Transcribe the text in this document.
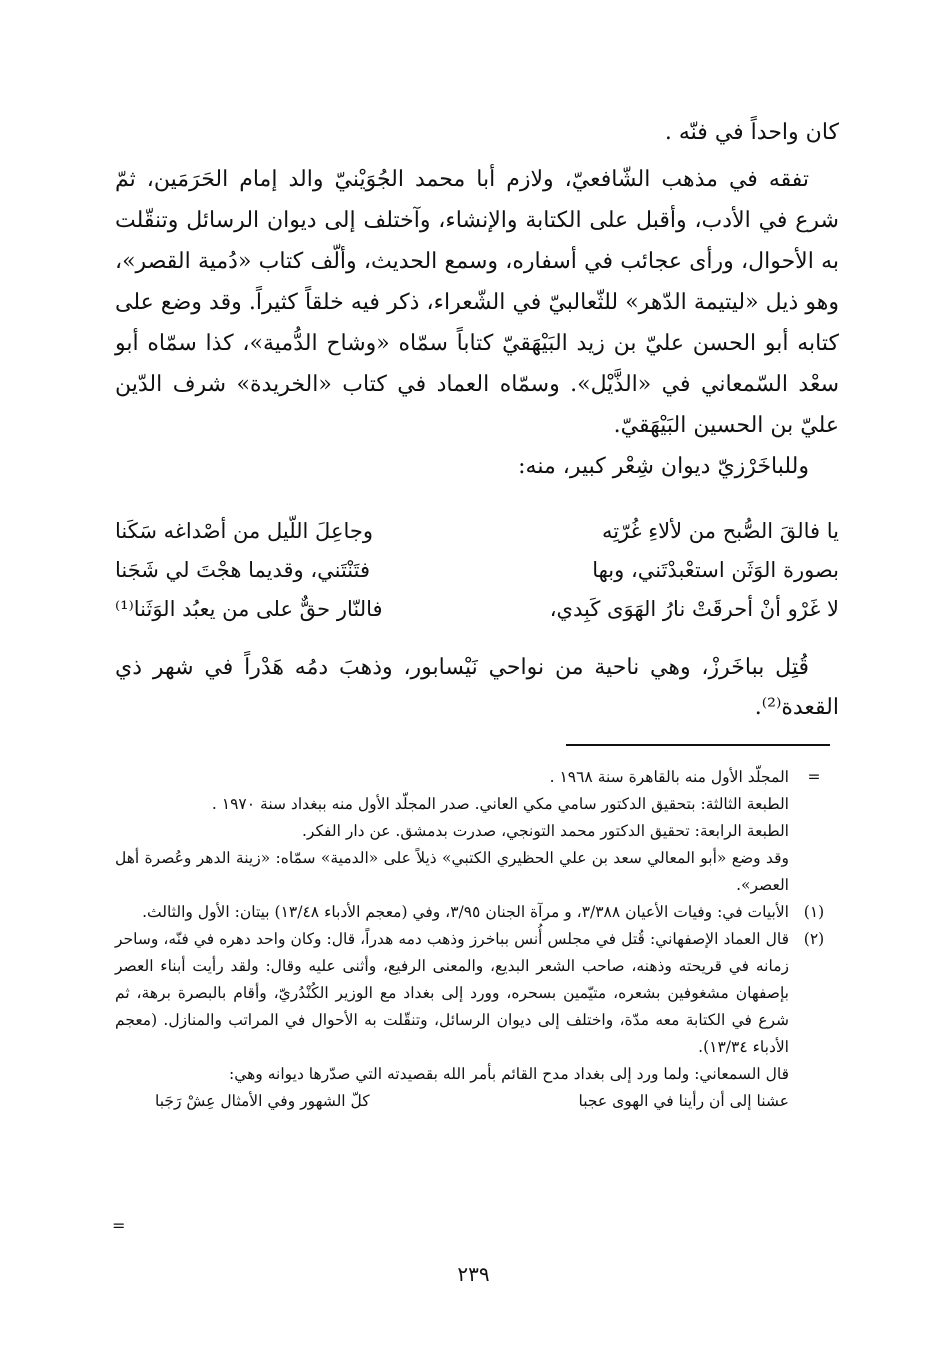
كان واحداً في فنّه .

تفقه في مذهب الشّافعيّ، ولازم أبا محمد الجُوَيْنيّ والد إمام الحَرَمَين، ثمّ شرع في الأدب، وأقبل على الكتابة والإنشاء، وآختلف إلى ديوان الرسائل وتنقّلت به الأحوال، ورأى عجائب في أسفاره، وسمع الحديث، وألّف كتاب «دُمية القصر»، وهو ذيل «ليتيمة الدّهر» للثّعالبيّ في الشّعراء، ذكر فيه خلقاً كثيراً. وقد وضع على كتابه أبو الحسن عليّ بن زيد البَيْهَقيّ كتاباً سمّاه «وشاح الدُّمية»، كذا سمّاه أبو سعْد السّمعاني في «الذَّيْل». وسمّاه العماد في كتاب «الخريدة» شرف الدّين عليّ بن الحسين البَيْهَقيّ.

وللباخَرْزيّ ديوان شِعْر كبير، منه:

يا فالقَ الصُّبح من لألاءِ غُرّتِه
وجاعِلَ اللّيل من أصْداغه سَكَنا
بصورة الوَثَن استعْبدْتَني، وبها
فتَنْتَني، وقديما هجْتَ لي شَجَنا
لا غَرْو أنْ أحرقَتْ نارُ الهَوَى كَبِدي،
فالنّار حقٌّ على من يعبُد الوَثَنا⁽¹⁾

قُتِل بباخَرزْ، وهي ناحية من نواحي نَيْسابور، وذهبَ دمُه هَدْراً في شهر ذي القعدة⁽²⁾.

=

المجلّد الأول منه بالقاهرة سنة ١٩٦٨ .

الطبعة الثالثة: بتحقيق الدكتور سامي مكي العاني. صدر المجلّد الأول منه ببغداد سنة ١٩٧٠ .

الطبعة الرابعة: تحقيق الدكتور محمد التونجي، صدرت بدمشق. عن دار الفكر.

وقد وضع «أبو المعالي سعد بن علي الحظيري الكتبي» ذيلاً على «الدمية» سمّاه: «زينة الدهر وعُصرة أهل العصر».

(١)

الأبيات في: وفيات الأعيان ٣/٣٨٨، و مرآة الجنان ٣/٩٥، وفي (معجم الأدباء ١٣/٤٨) بيتان: الأول والثالث.

(٢)

قال العماد الإصفهاني: قُتل في مجلس أُنس بباخرز وذهب دمه هدراً، قال: وكان واحد دهره في فنّه، وساحر زمانه في قريحته وذهنه، صاحب الشعر البديع، والمعنى الرفيع، وأثنى عليه وقال: ولقد رأيت أبناء العصر بإصفهان مشغوفين بشعره، متيّمين بسحره، وورد إلى بغداد مع الوزير الكُنْدُريّ، وأقام بالبصرة برهة، ثم شرع في الكتابة معه مدّة، واختلف إلى ديوان الرسائل، وتنقّلت به الأحوال في المراتب والمنازل. (معجم الأدباء ١٣/٣٤).

قال السمعاني: ولما ورد إلى بغداد مدح القائم بأمر الله بقصيدته التي صدّرها ديوانه وهي:

عشنا إلى أن رأينا في الهوى عجبا
كلّ الشهور وفي الأمثال عِشْ رَجَبا
=
٢٣٩
